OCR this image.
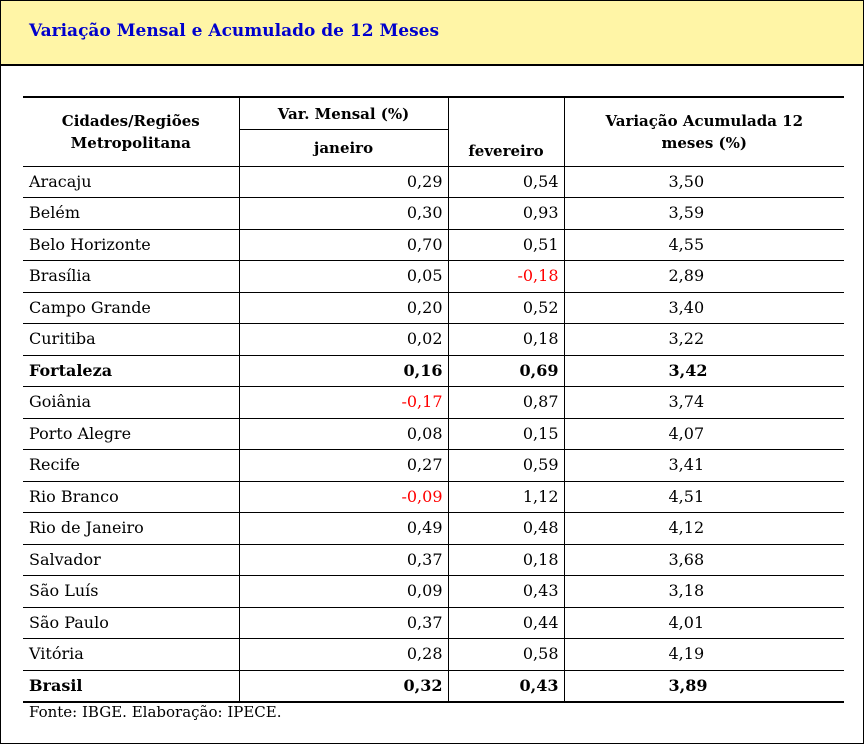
Variação Mensal e Acumulado de 12 Meses
Cidades/Regiões
Metropolitana	Var. Mensal (%)		Variação Acumulada 12
meses (%)
	janeiro	fevereiro	
Aracaju	0,29	0,54	3,50
Belém	0,30	0,93	3,59
Belo Horizonte	0,70	0,51	4,55
Brasília	0,05	-0,18	2,89
Campo Grande	0,20	0,52	3,40
Curitiba	0,02	0,18	3,22
Fortaleza	0,16	0,69	3,42
Goiânia	-0,17	0,87	3,74
Porto Alegre	0,08	0,15	4,07
Recife	0,27	0,59	3,41
Rio Branco	-0,09	1,12	4,51
Rio de Janeiro	0,49	0,48	4,12
Salvador	0,37	0,18	3,68
São Luís	0,09	0,43	3,18
São Paulo	0,37	0,44	4,01
Vitória	0,28	0,58	4,19
Brasil	0,32	0,43	3,89
Fonte: IBGE. Elaboração: IPECE.
